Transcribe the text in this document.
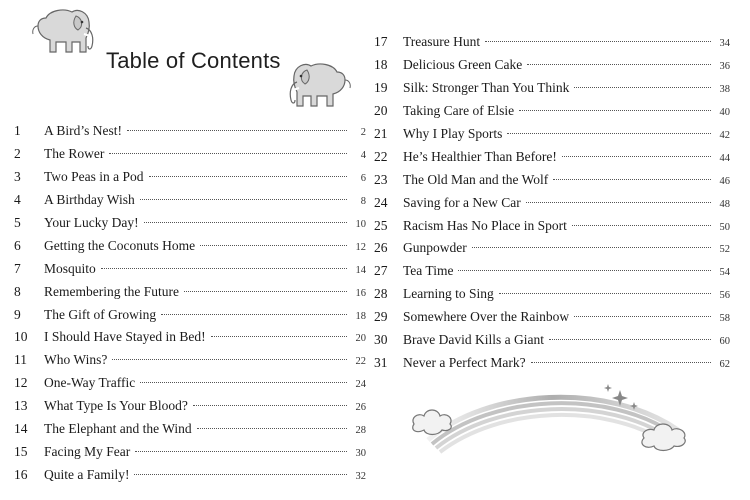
Table of Contents
1	A Bird’s Nest!	2
2	The Rower	4
3	Two Peas in a Pod	6
4	A Birthday Wish	8
5	Your Lucky Day!	10
6	Getting the Coconuts Home	12
7	Mosquito	14
8	Remembering the Future	16
9	The Gift of Growing	18
10	I Should Have Stayed in Bed!	20
11	Who Wins?	22
12	One-Way Traffic	24
13	What Type Is Your Blood?	26
14	The Elephant and the Wind	28
15	Facing My Fear	30
16	Quite a Family!	32
17	Treasure Hunt	34
18	Delicious Green Cake	36
19	Silk: Stronger Than You Think	38
20	Taking Care of Elsie	40
21	Why I Play Sports	42
22	He’s Healthier Than Before!	44
23	The Old Man and the Wolf	46
24	Saving for a New Car	48
25	Racism Has No Place in Sport	50
26	Gunpowder	52
27	Tea Time	54
28	Learning to Sing	56
29	Somewhere Over the Rainbow	58
30	Brave David Kills a Giant	60
31	Never a Perfect Mark?	62
